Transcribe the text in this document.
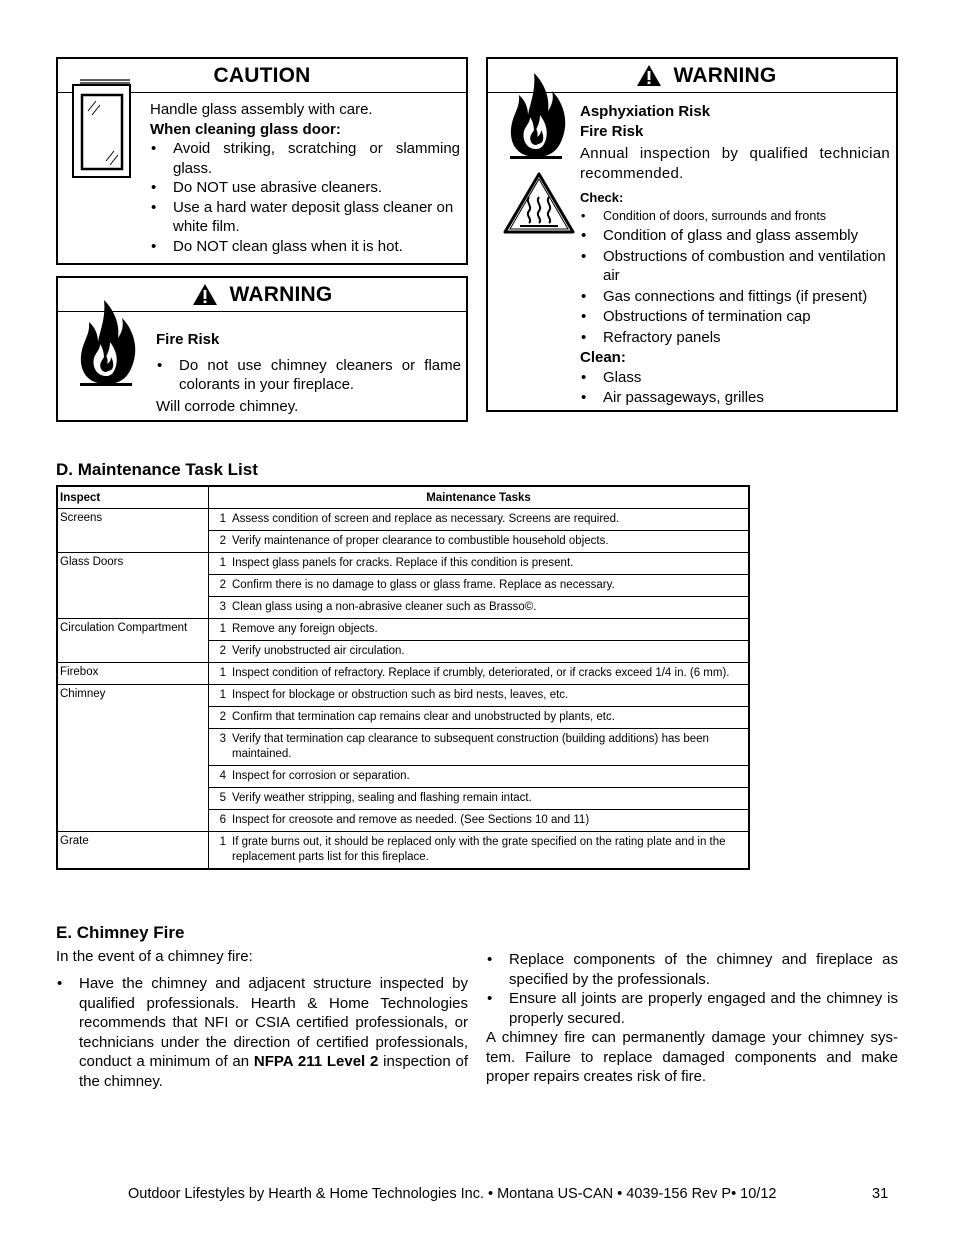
CAUTION
Handle glass assembly with care.
When cleaning glass door:
• Avoid striking, scratching or slamming glass.
• Do NOT use abrasive cleaners.
• Use a hard water deposit glass cleaner on white film.
• Do NOT clean glass when it is hot.
WARNING
Fire Risk
• Do not use chimney cleaners or flame colorants in your fireplace.
Will corrode chimney.
WARNING
Asphyxiation Risk
Fire Risk
Annual inspection by qualified technician recommended.
Check:
• Condition of doors, surrounds and fronts
• Condition of glass and glass assembly
• Obstructions of combustion and ventilation air
• Gas connections and fittings (if present)
• Obstructions of termination cap
• Refractory panels
Clean:
• Glass
• Air passageways, grilles
D. Maintenance Task List
Inspect	Maintenance Tasks
Screens	1 Assess condition of screen and replace as necessary. Screens are required.

	2 Verify maintenance of proper clearance to combustible household objects.

Glass Doors	1 Inspect glass panels for cracks. Replace if this condition is present.

	2 Confirm there is no damage to glass or glass frame. Replace as necessary.

	3 Clean glass using a non-abrasive cleaner such as Brasso©.

Circulation Compartment	1 Remove any foreign objects.

	2 Verify unobstructed air circulation.

Firebox	1 Inspect condition of refractory. Replace if crumbly, deteriorated, or if cracks exceed 1/4 in. (6 mm).

Chimney	1 Inspect for blockage or obstruction such as bird nests, leaves, etc.

	2 Confirm that termination cap remains clear and unobstructed by plants, etc.

	3 Verify that termination cap clearance to subsequent construction (building additions) has been maintained.

	4 Inspect for corrosion or separation.

	5 Verify weather stripping, sealing and flashing remain intact.

	6 Inspect for creosote and remove as needed. (See Sections 10 and 11)

Grate	1 If grate burns out, it should be replaced only with the grate specified on the rating plate and in the replacement parts list for this fireplace.
E. Chimney Fire
In the event of a chimney fire:
• Have the chimney and adjacent structure inspected by qualified professionals. Hearth & Home Technologies recommends that NFI or CSIA certified professionals, or technicians under the direction of certified professionals, conduct a minimum of an NFPA 211 Level 2 inspection of the chimney.
• Replace components of the chimney and fireplace as specified by the professionals.
• Ensure all joints are properly engaged and the chimney is properly secured.
A chimney fire can permanently damage your chimney sys-tem. Failure to replace damaged components and make proper repairs creates risk of fire.
Outdoor Lifestyles by Hearth & Home Technologies Inc. • Montana US-CAN • 4039-156 Rev P• 10/12	31
